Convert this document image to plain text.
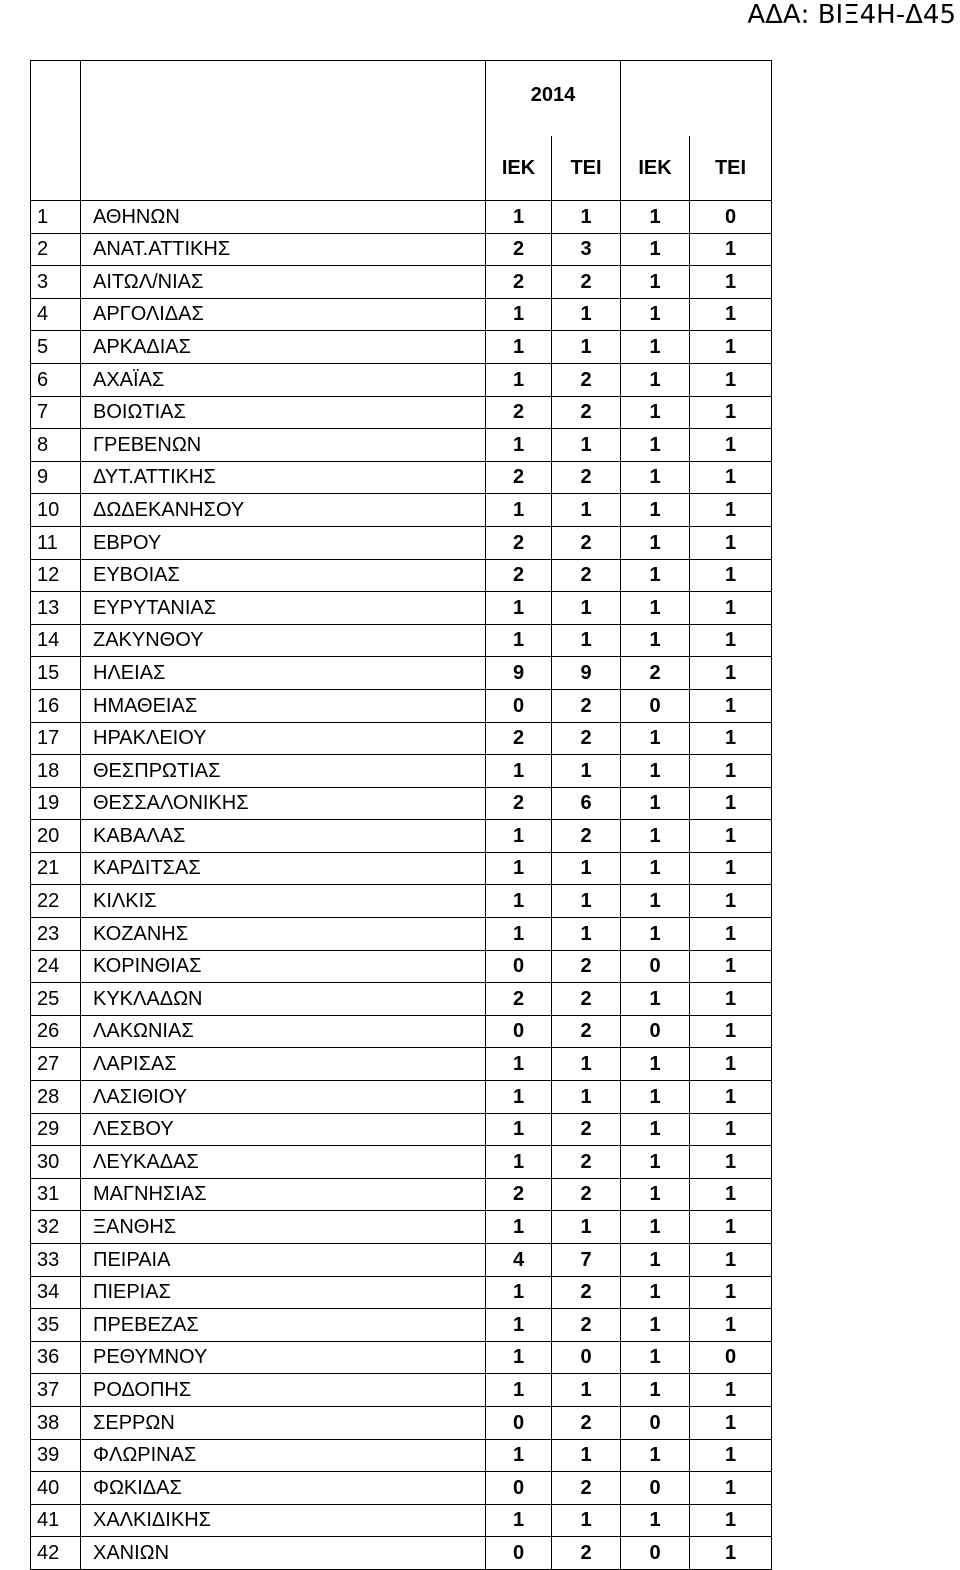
ΑΔΑ: ΒΙΞ4Η-Δ45
		2014			
		ΙΕΚ	ΤΕΙ	ΙΕΚ	ΤΕΙ
1	ΑΘΗΝΩΝ	1	1	1	0
2	ΑΝΑΤ.ΑΤΤΙΚΗΣ	2	3	1	1
3	ΑΙΤΩΛ/ΝΙΑΣ	2	2	1	1
4	ΑΡΓΟΛΙΔΑΣ	1	1	1	1
5	ΑΡΚΑΔΙΑΣ	1	1	1	1
6	ΑΧΑΪΑΣ	1	2	1	1
7	ΒΟΙΩΤΙΑΣ	2	2	1	1
8	ΓΡΕΒΕΝΩΝ	1	1	1	1
9	ΔΥΤ.ΑΤΤΙΚΗΣ	2	2	1	1
10	ΔΩΔΕΚΑΝΗΣΟΥ	1	1	1	1
11	ΕΒΡΟΥ	2	2	1	1
12	ΕΥΒΟΙΑΣ	2	2	1	1
13	ΕΥΡΥΤΑΝΙΑΣ	1	1	1	1
14	ΖΑΚΥΝΘΟΥ	1	1	1	1
15	ΗΛΕΙΑΣ	9	9	2	1
16	ΗΜΑΘΕΙΑΣ	0	2	0	1
17	ΗΡΑΚΛΕΙΟΥ	2	2	1	1
18	ΘΕΣΠΡΩΤΙΑΣ	1	1	1	1
19	ΘΕΣΣΑΛΟΝΙΚΗΣ	2	6	1	1
20	ΚΑΒΑΛΑΣ	1	2	1	1
21	ΚΑΡΔΙΤΣΑΣ	1	1	1	1
22	ΚΙΛΚΙΣ	1	1	1	1
23	ΚΟΖΑΝΗΣ	1	1	1	1
24	ΚΟΡΙΝΘΙΑΣ	0	2	0	1
25	ΚΥΚΛΑΔΩΝ	2	2	1	1
26	ΛΑΚΩΝΙΑΣ	0	2	0	1
27	ΛΑΡΙΣΑΣ	1	1	1	1
28	ΛΑΣΙΘΙΟΥ	1	1	1	1
29	ΛΕΣΒΟΥ	1	2	1	1
30	ΛΕΥΚΑΔΑΣ	1	2	1	1
31	ΜΑΓΝΗΣΙΑΣ	2	2	1	1
32	ΞΑΝΘΗΣ	1	1	1	1
33	ΠΕΙΡΑΙΑ	4	7	1	1
34	ΠΙΕΡΙΑΣ	1	2	1	1
35	ΠΡΕΒΕΖΑΣ	1	2	1	1
36	ΡΕΘΥΜΝΟΥ	1	0	1	0
37	ΡΟΔΟΠΗΣ	1	1	1	1
38	ΣΕΡΡΩΝ	0	2	0	1
39	ΦΛΩΡΙΝΑΣ	1	1	1	1
40	ΦΩΚΙΔΑΣ	0	2	0	1
41	ΧΑΛΚΙΔΙΚΗΣ	1	1	1	1
42	ΧΑΝΙΩΝ	0	2	0	1
